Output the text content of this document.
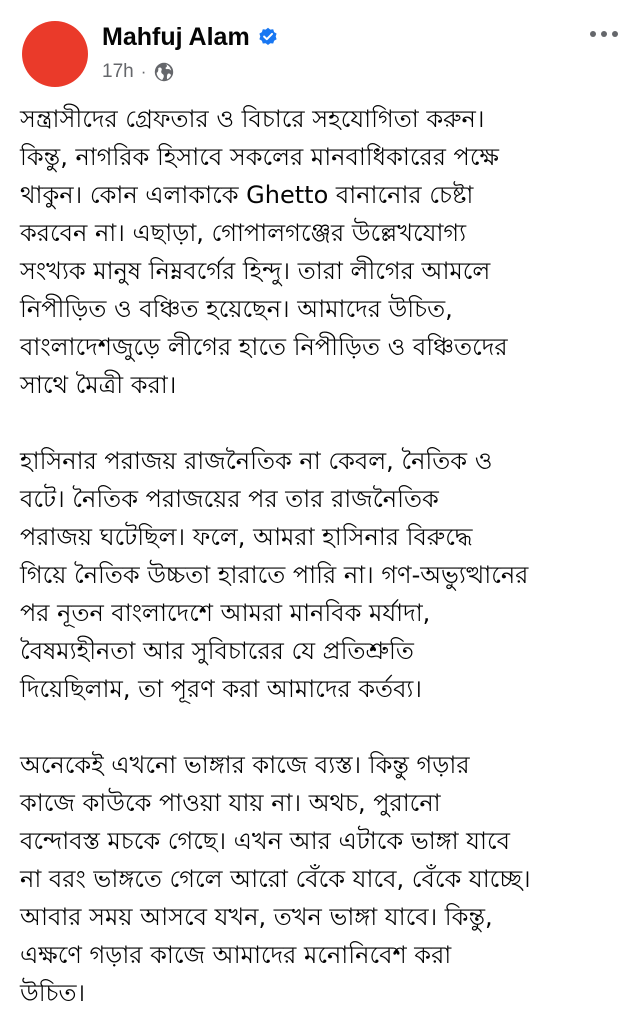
Mahfuj Alam
17h ·

সন্ত্রাসীদের গ্রেফতার ও বিচারে সহযোগিতা করুন।
কিন্তু, নাগরিক হিসাবে সকলের মানবাধিকারের পক্ষে
থাকুন। কোন এলাকাকে Ghetto বানানোর চেষ্টা
করবেন না। এছাড়া, গোপালগঞ্জের উল্লেখযোগ্য
সংখ্যক মানুষ নিম্নবর্গের হিন্দু। তারা লীগের আমলে
নিপীড়িত ও বঞ্চিত হয়েছেন। আমাদের উচিত,
বাংলাদেশজুড়ে লীগের হাতে নিপীড়িত ও বঞ্চিতদের
সাথে মৈত্রী করা।

হাসিনার পরাজয় রাজনৈতিক না কেবল, নৈতিক ও
বটে। নৈতিক পরাজয়ের পর তার রাজনৈতিক
পরাজয় ঘটেছিল। ফলে, আমরা হাসিনার বিরুদ্ধে
গিয়ে নৈতিক উচ্চতা হারাতে পারি না। গণ-অভ্যুত্থানের
পর নূতন বাংলাদেশে আমরা মানবিক মর্যাদা,
বৈষম্যহীনতা আর সুবিচারের যে প্রতিশ্রুতি
দিয়েছিলাম, তা পূরণ করা আমাদের কর্তব্য।

অনেকেই এখনো ভাঙ্গার কাজে ব্যস্ত। কিন্তু গড়ার
কাজে কাউকে পাওয়া যায় না। অথচ, পুরানো
বন্দোবস্ত মচকে গেছে। এখন আর এটাকে ভাঙ্গা যাবে
না বরং ভাঙ্গতে গেলে আরো বেঁকে যাবে, বেঁকে যাচ্ছে।
আবার সময় আসবে যখন, তখন ভাঙ্গা যাবে। কিন্তু,
এক্ষণে গড়ার কাজে আমাদের মনোনিবেশ করা
উচিত।
